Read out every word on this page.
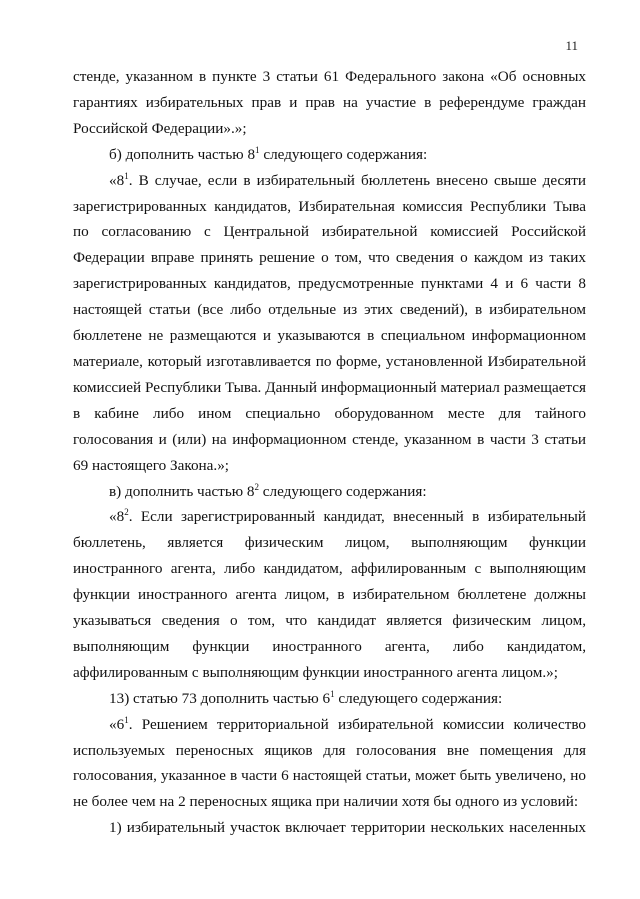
11

стенде, указанном в пункте 3 статьи 61 Федерального закона «Об основных гарантиях избирательных прав и прав на участие в референдуме граждан Российской Федерации».»;

б) дополнить частью $8^1$ следующего содержания:

«$8^1$. В случае, если в избирательный бюллетень внесено свыше десяти зарегистрированных кандидатов, Избирательная комиссия Республики Тыва по согласованию с Центральной избирательной комиссией Российской Федерации вправе принять решение о том, что сведения о каждом из таких зарегистрированных кандидатов, предусмотренные пунктами 4 и 6 части 8 настоящей статьи (все либо отдельные из этих сведений), в избирательном бюллетене не размещаются и указываются в специальном информационном материале, который изготавливается по форме, установленной Избирательной комиссией Республики Тыва. Данный информационный материал размещается в кабине либо ином специально оборудованном месте для тайного голосования и (или) на информационном стенде, указанном в части 3 статьи 69 настоящего Закона.»;

в) дополнить частью $8^2$ следующего содержания:

«$8^2$. Если зарегистрированный кандидат, внесенный в избирательный бюллетень, является физическим лицом, выполняющим функции иностранного агента, либо кандидатом, аффилированным с выполняющим функции иностранного агента лицом, в избирательном бюллетене должны указываться сведения о том, что кандидат является физическим лицом, выполняющим функции иностранного агента, либо кандидатом, аффилированным с выполняющим функции иностранного агента лицом.»;

13) статью 73 дополнить частью $6^1$ следующего содержания:

«$6^1$. Решением территориальной избирательной комиссии количество используемых переносных ящиков для голосования вне помещения для голосования, указанное в части 6 настоящей статьи, может быть увеличено, но не более чем на 2 переносных ящика при наличии хотя бы одного из условий:

1) избирательный участок включает территории нескольких населенных
